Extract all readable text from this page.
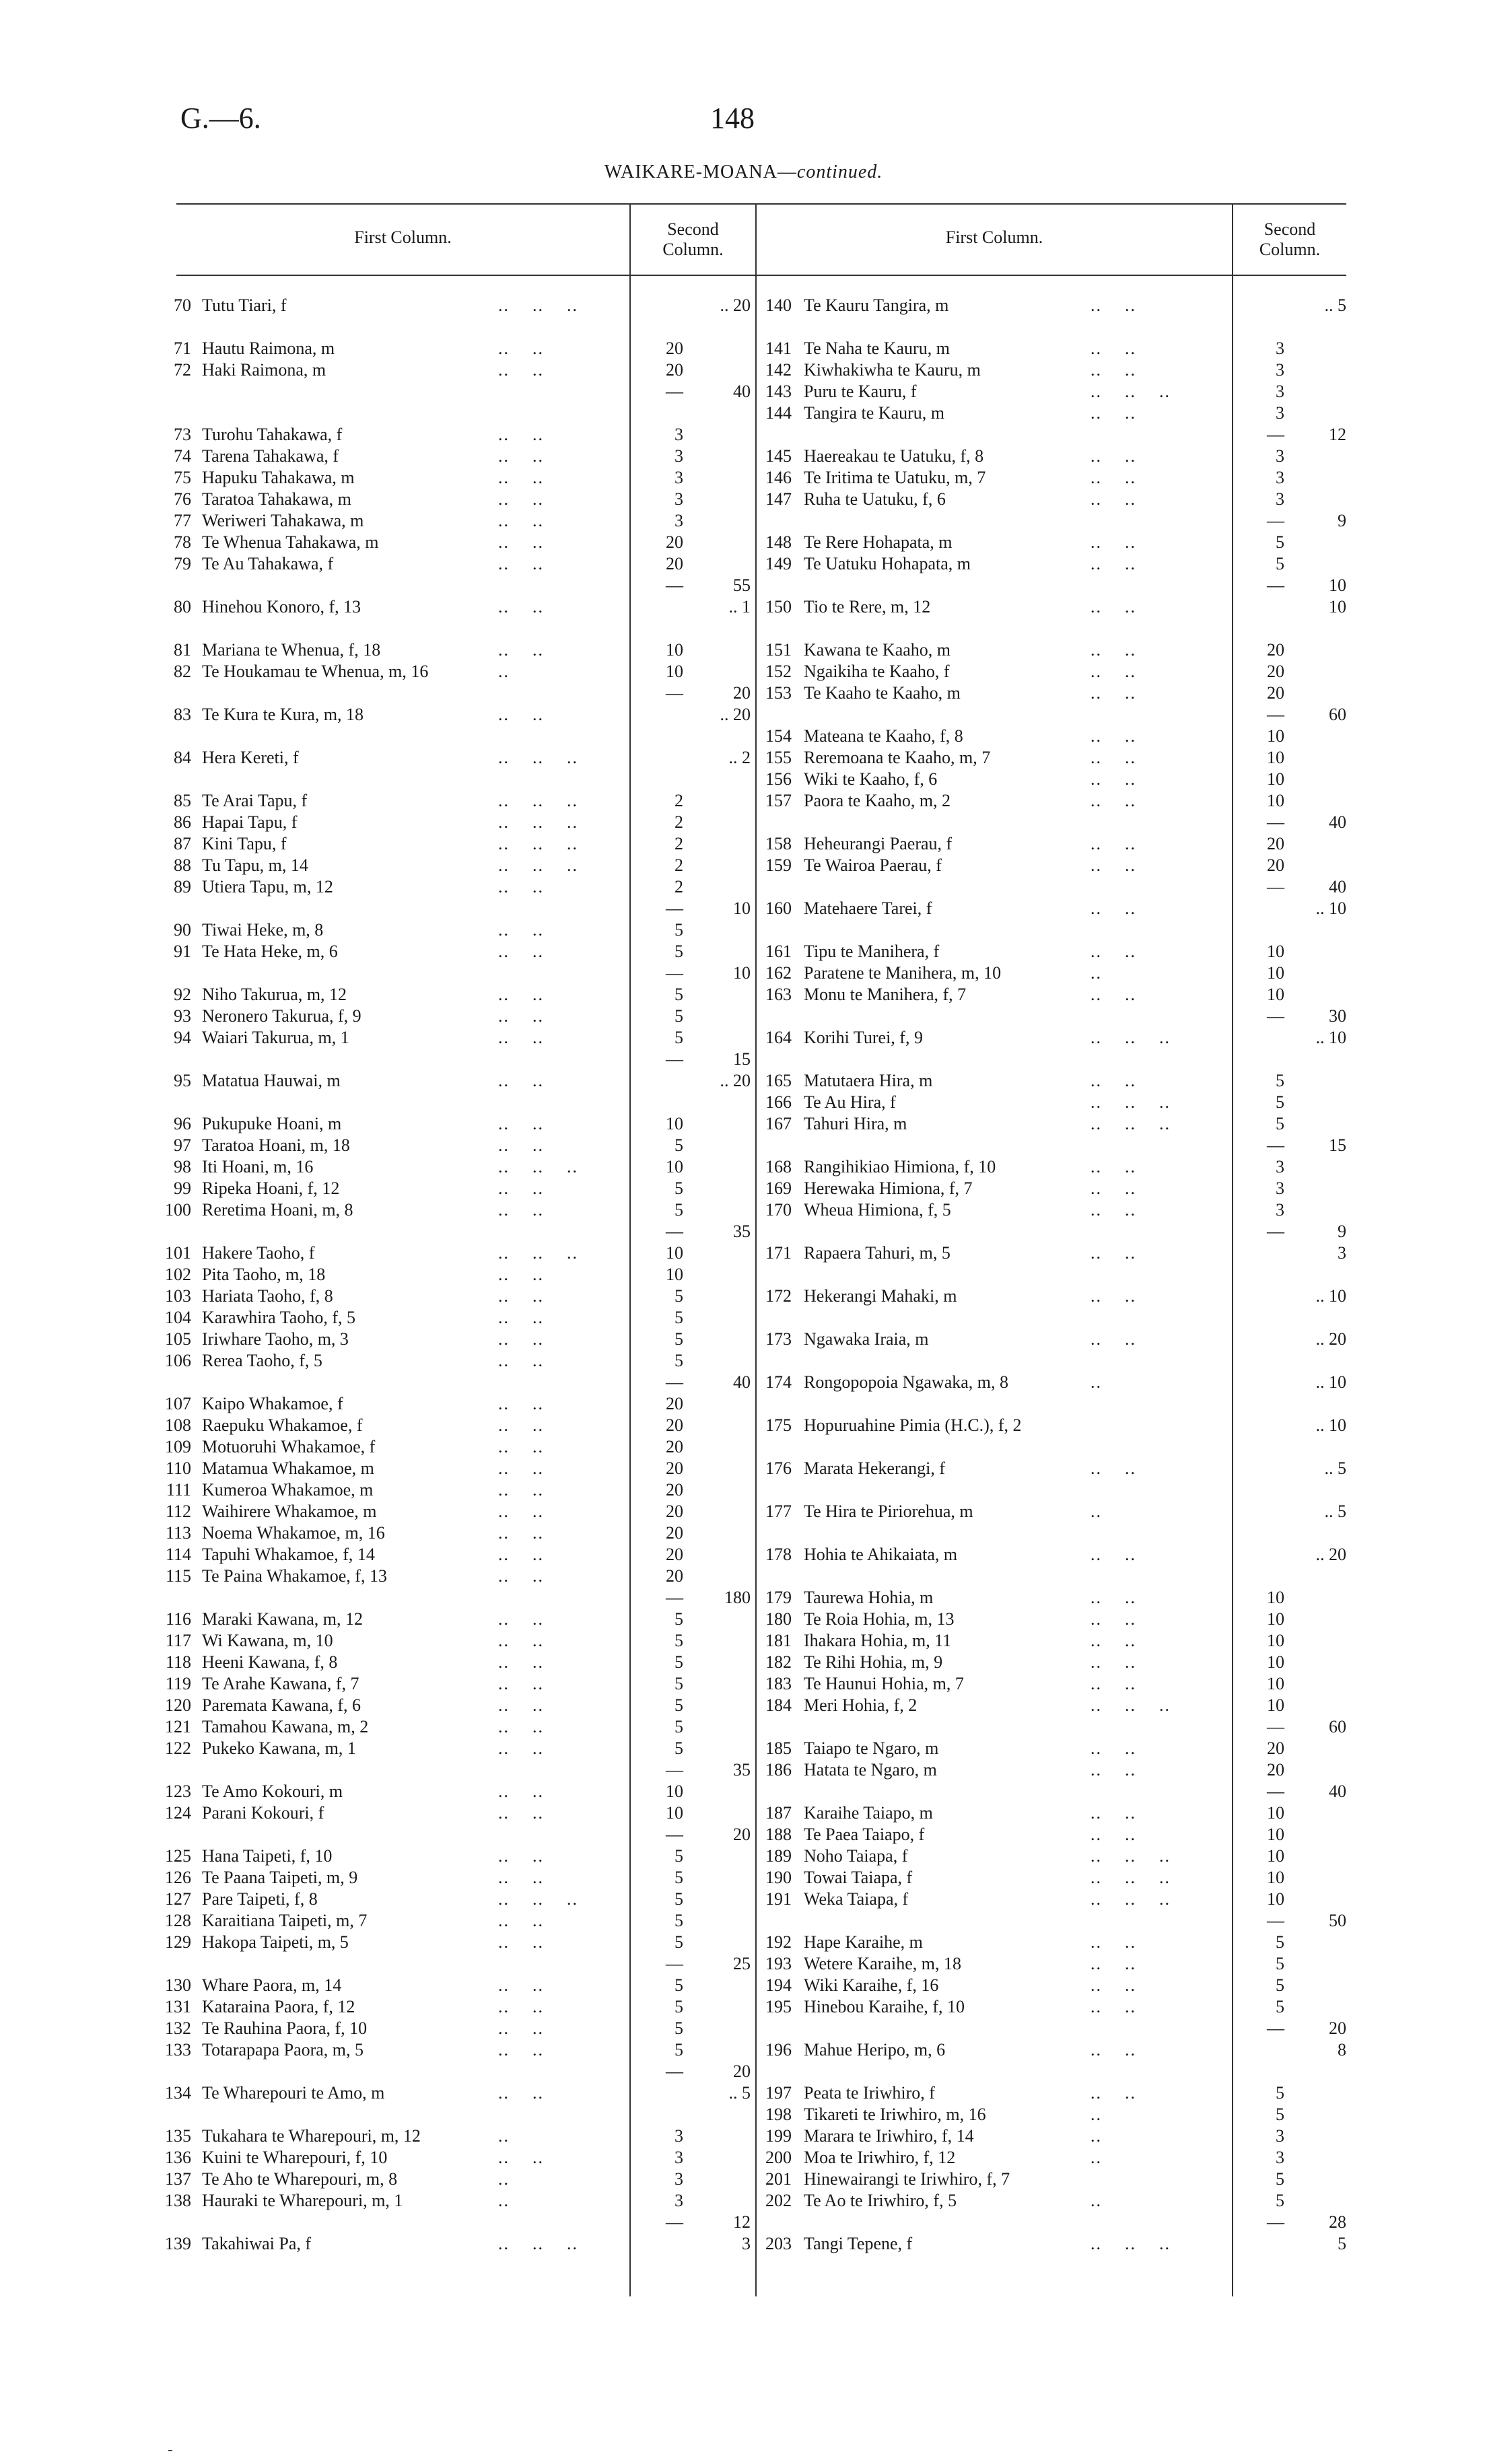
G.—6.	148
WAIKARE-MOANA—continued.
First Column.	Second
Column.
First Column.	Second
Column.
70 Tutu Tiari, f	..    ..    ..	.. 20
71 Hautu Raimona, m	..    ..	20
72 Haki Raimona, m	..    ..	20
—	40
73 Turohu Tahakawa, f	..    ..	3
74 Tarena Tahakawa, f	..    ..	3
75 Hapuku Tahakawa, m	..    ..	3
76 Taratoa Tahakawa, m	..    ..	3
77 Weriweri Tahakawa, m	..    ..	3
78 Te Whenua Tahakawa, m	..    ..	20
79 Te Au Tahakawa, f	..    ..	20
—	55
80 Hinehou Konoro, f, 13	..    ..	.. 1
81 Mariana te Whenua, f, 18	..    ..	10
82 Te Houkamau te Whenua, m, 16	..	10
—	20
83 Te Kura te Kura, m, 18	..    ..	.. 20
84 Hera Kereti, f	..    ..    ..	.. 2
85 Te Arai Tapu, f	..    ..    ..	2
86 Hapai Tapu, f	..    ..    ..	2
87 Kini Tapu, f	..    ..    ..	2
88 Tu Tapu, m, 14	..    ..    ..	2
89 Utiera Tapu, m, 12	..    ..	2
—	10
90 Tiwai Heke, m, 8	..    ..	5
91 Te Hata Heke, m, 6	..    ..	5
—	10
92 Niho Takurua, m, 12	..    ..	5
93 Neronero Takurua, f, 9	..    ..	5
94 Waiari Takurua, m, 1	..    ..	5
—	15
95 Matatua Hauwai, m	..    ..	.. 20
96 Pukupuke Hoani, m	..    ..	10
97 Taratoa Hoani, m, 18	..    ..	5
98 Iti Hoani, m, 16	..    ..    ..	10
99 Ripeka Hoani, f, 12	..    ..	5
100 Reretima Hoani, m, 8	..    ..	5
—	35
101 Hakere Taoho, f	..    ..    ..	10
102 Pita Taoho, m, 18	..    ..	10
103 Hariata Taoho, f, 8	..    ..	5
104 Karawhira Taoho, f, 5	..    ..	5
105 Iriwhare Taoho, m, 3	..    ..	5
106 Rerea Taoho, f, 5	..    ..	5
—	40
107 Kaipo Whakamoe, f	..    ..	20
108 Raepuku Whakamoe, f	..    ..	20
109 Motuoruhi Whakamoe, f	..    ..	20
110 Matamua Whakamoe, m	..    ..	20
111 Kumeroa Whakamoe, m	..    ..	20
112 Waihirere Whakamoe, m	..    ..	20
113 Noema Whakamoe, m, 16	..    ..	20
114 Tapuhi Whakamoe, f, 14	..    ..	20
115 Te Paina Whakamoe, f, 13	..    ..	20
—	180
116 Maraki Kawana, m, 12	..    ..	5
117 Wi Kawana, m, 10	..    ..	5
118 Heeni Kawana, f, 8	..    ..	5
119 Te Arahe Kawana, f, 7	..    ..	5
120 Paremata Kawana, f, 6	..    ..	5
121 Tamahou Kawana, m, 2	..    ..	5
122 Pukeko Kawana, m, 1	..    ..	5
—	35
123 Te Amo Kokouri, m	..    ..	10
124 Parani Kokouri, f	..    ..	10
—	20
125 Hana Taipeti, f, 10	..    ..	5
126 Te Paana Taipeti, m, 9	..    ..	5
127 Pare Taipeti, f, 8	..    ..    ..	5
128 Karaitiana Taipeti, m, 7	..    ..	5
129 Hakopa Taipeti, m, 5	..    ..	5
—	25
130 Whare Paora, m, 14	..    ..	5
131 Kataraina Paora, f, 12	..    ..	5
132 Te Rauhina Paora, f, 10	..    ..	5
133 Totarapapa Paora, m, 5	..    ..	5
—	20
134 Te Wharepouri te Amo, m	..    ..	.. 5
135 Tukahara te Wharepouri, m, 12	..	3
136 Kuini te Wharepouri, f, 10	..    ..	3
137 Te Aho te Wharepouri, m, 8	..	3
138 Hauraki te Wharepouri, m, 1	..	3
—	12
139 Takahiwai Pa, f	..    ..    ..	3
140 Te Kauru Tangira, m	..    ..	.. 5
141 Te Naha te Kauru, m	..    ..	3
142 Kiwhakiwha te Kauru, m	..    ..	3
143 Puru te Kauru, f	..    ..    ..	3
144 Tangira te Kauru, m	..    ..	3
—	12
145 Haereakau te Uatuku, f, 8	..    ..	3
146 Te Iritima te Uatuku, m, 7	..    ..	3
147 Ruha te Uatuku, f, 6	..    ..	3
—	9
148 Te Rere Hohapata, m	..    ..	5
149 Te Uatuku Hohapata, m	..    ..	5
—	10
150 Tio te Rere, m, 12	..    ..	10
151 Kawana te Kaaho, m	..    ..	20
152 Ngaikiha te Kaaho, f	..    ..	20
153 Te Kaaho te Kaaho, m	..    ..	20
—	60
154 Mateana te Kaaho, f, 8	..    ..	10
155 Reremoana te Kaaho, m, 7	..    ..	10
156 Wiki te Kaaho, f, 6	..    ..	10
157 Paora te Kaaho, m, 2	..    ..	10
—	40
158 Heheurangi Paerau, f	..    ..	20
159 Te Wairoa Paerau, f	..    ..	20
—	40
160 Matehaere Tarei, f	..    ..	.. 10
161 Tipu te Manihera, f	..    ..	10
162 Paratene te Manihera, m, 10	..	10
163 Monu te Manihera, f, 7	..    ..	10
—	30
164 Korihi Turei, f, 9	..    ..    ..	.. 10
165 Matutaera Hira, m	..    ..	5
166 Te Au Hira, f	..    ..    ..	5
167 Tahuri Hira, m	..    ..    ..	5
—	15
168 Rangihikiao Himiona, f, 10	..    ..	3
169 Herewaka Himiona, f, 7	..    ..	3
170 Wheua Himiona, f, 5	..    ..	3
—	9
171 Rapaera Tahuri, m, 5	..    ..	3
172 Hekerangi Mahaki, m	..    ..	.. 10
173 Ngawaka Iraia, m	..    ..	.. 20
174 Rongopopoia Ngawaka, m, 8	..	.. 10
175 Hopuruahine Pimia (H.C.), f, 2	.. 10
176 Marata Hekerangi, f	..    ..	.. 5
177 Te Hira te Piriorehua, m	..	.. 5
178 Hohia te Ahikaiata, m	..    ..	.. 20
179 Taurewa Hohia, m	..    ..	10
180 Te Roia Hohia, m, 13	..    ..	10
181 Ihakara Hohia, m, 11	..    ..	10
182 Te Rihi Hohia, m, 9	..    ..	10
183 Te Haunui Hohia, m, 7	..    ..	10
184 Meri Hohia, f, 2	..    ..    ..	10
—	60
185 Taiapo te Ngaro, m	..    ..	20
186 Hatata te Ngaro, m	..    ..	20
—	40
187 Karaihe Taiapo, m	..    ..	10
188 Te Paea Taiapo, f	..    ..	10
189 Noho Taiapa, f	..    ..    ..	10
190 Towai Taiapa, f	..    ..    ..	10
191 Weka Taiapa, f	..    ..    ..	10
—	50
192 Hape Karaihe, m	..    ..	5
193 Wetere Karaihe, m, 18	..    ..	5
194 Wiki Karaihe, f, 16	..    ..	5
195 Hinebou Karaihe, f, 10	..    ..	5
—	20
196 Mahue Heripo, m, 6	..    ..	8
197 Peata te Iriwhiro, f	..    ..	5
198 Tikareti te Iriwhiro, m, 16	..	5
199 Marara te Iriwhiro, f, 14	..	3
200 Moa te Iriwhiro, f, 12	..	3
201 Hinewairangi te Iriwhiro, f, 7	5
202 Te Ao te Iriwhiro, f, 5	..	5
—	28
203 Tangi Tepene, f	..    ..    ..	5
